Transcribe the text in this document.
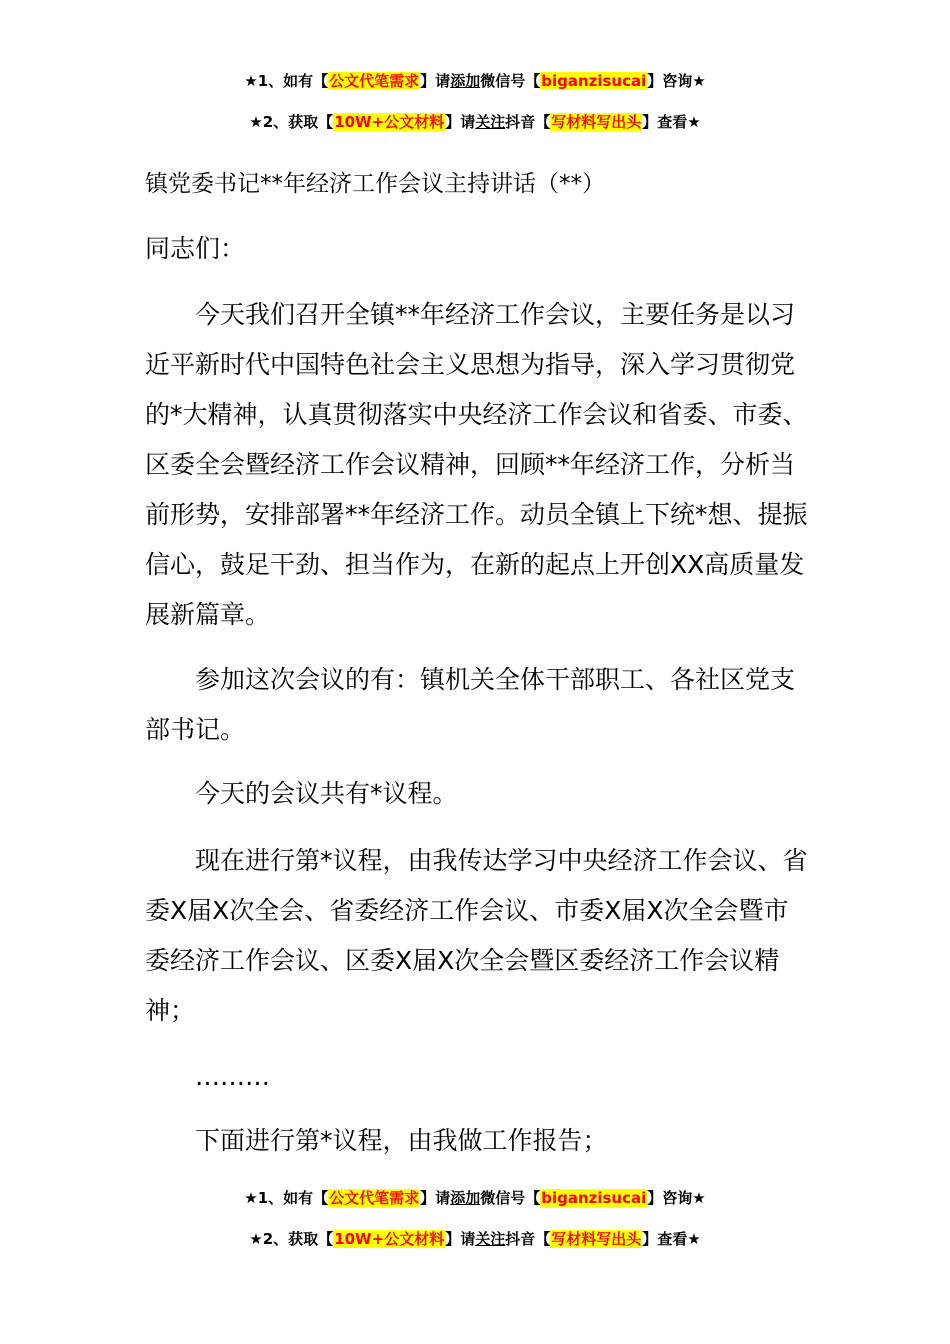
★1、如有【公文代笔需求】请添加微信号【biganzisucai】咨询★
★2、获取【10W+公文材料】请关注抖音【写材料写出头】查看★
镇党委书记**年经济工作会议主持讲话（**）
同志们：

今天我们召开全镇**年经济工作会议，主要任务是以习近平新时代中国特色社会主义思想为指导，深入学习贯彻党的*大精神，认真贯彻落实中央经济工作会议和省委、市委、区委全会暨经济工作会议精神，回顾**年经济工作，分析当前形势，安排部署**年经济工作。动员全镇上下统*想、提振信心，鼓足干劲、担当作为，在新的起点上开创XX高质量发展新篇章。

参加这次会议的有：镇机关全体干部职工、各社区党支部书记。

今天的会议共有*议程。

现在进行第*议程，由我传达学习中央经济工作会议、省委X届X次全会、省委经济工作会议、市委X届X次全会暨市委经济工作会议、区委X届X次全会暨区委经济工作会议精神；

………

下面进行第*议程，由我做工作报告；

★1、如有【公文代笔需求】请添加微信号【biganzisucai】咨询★
★2、获取【10W+公文材料】请关注抖音【写材料写出头】查看★
